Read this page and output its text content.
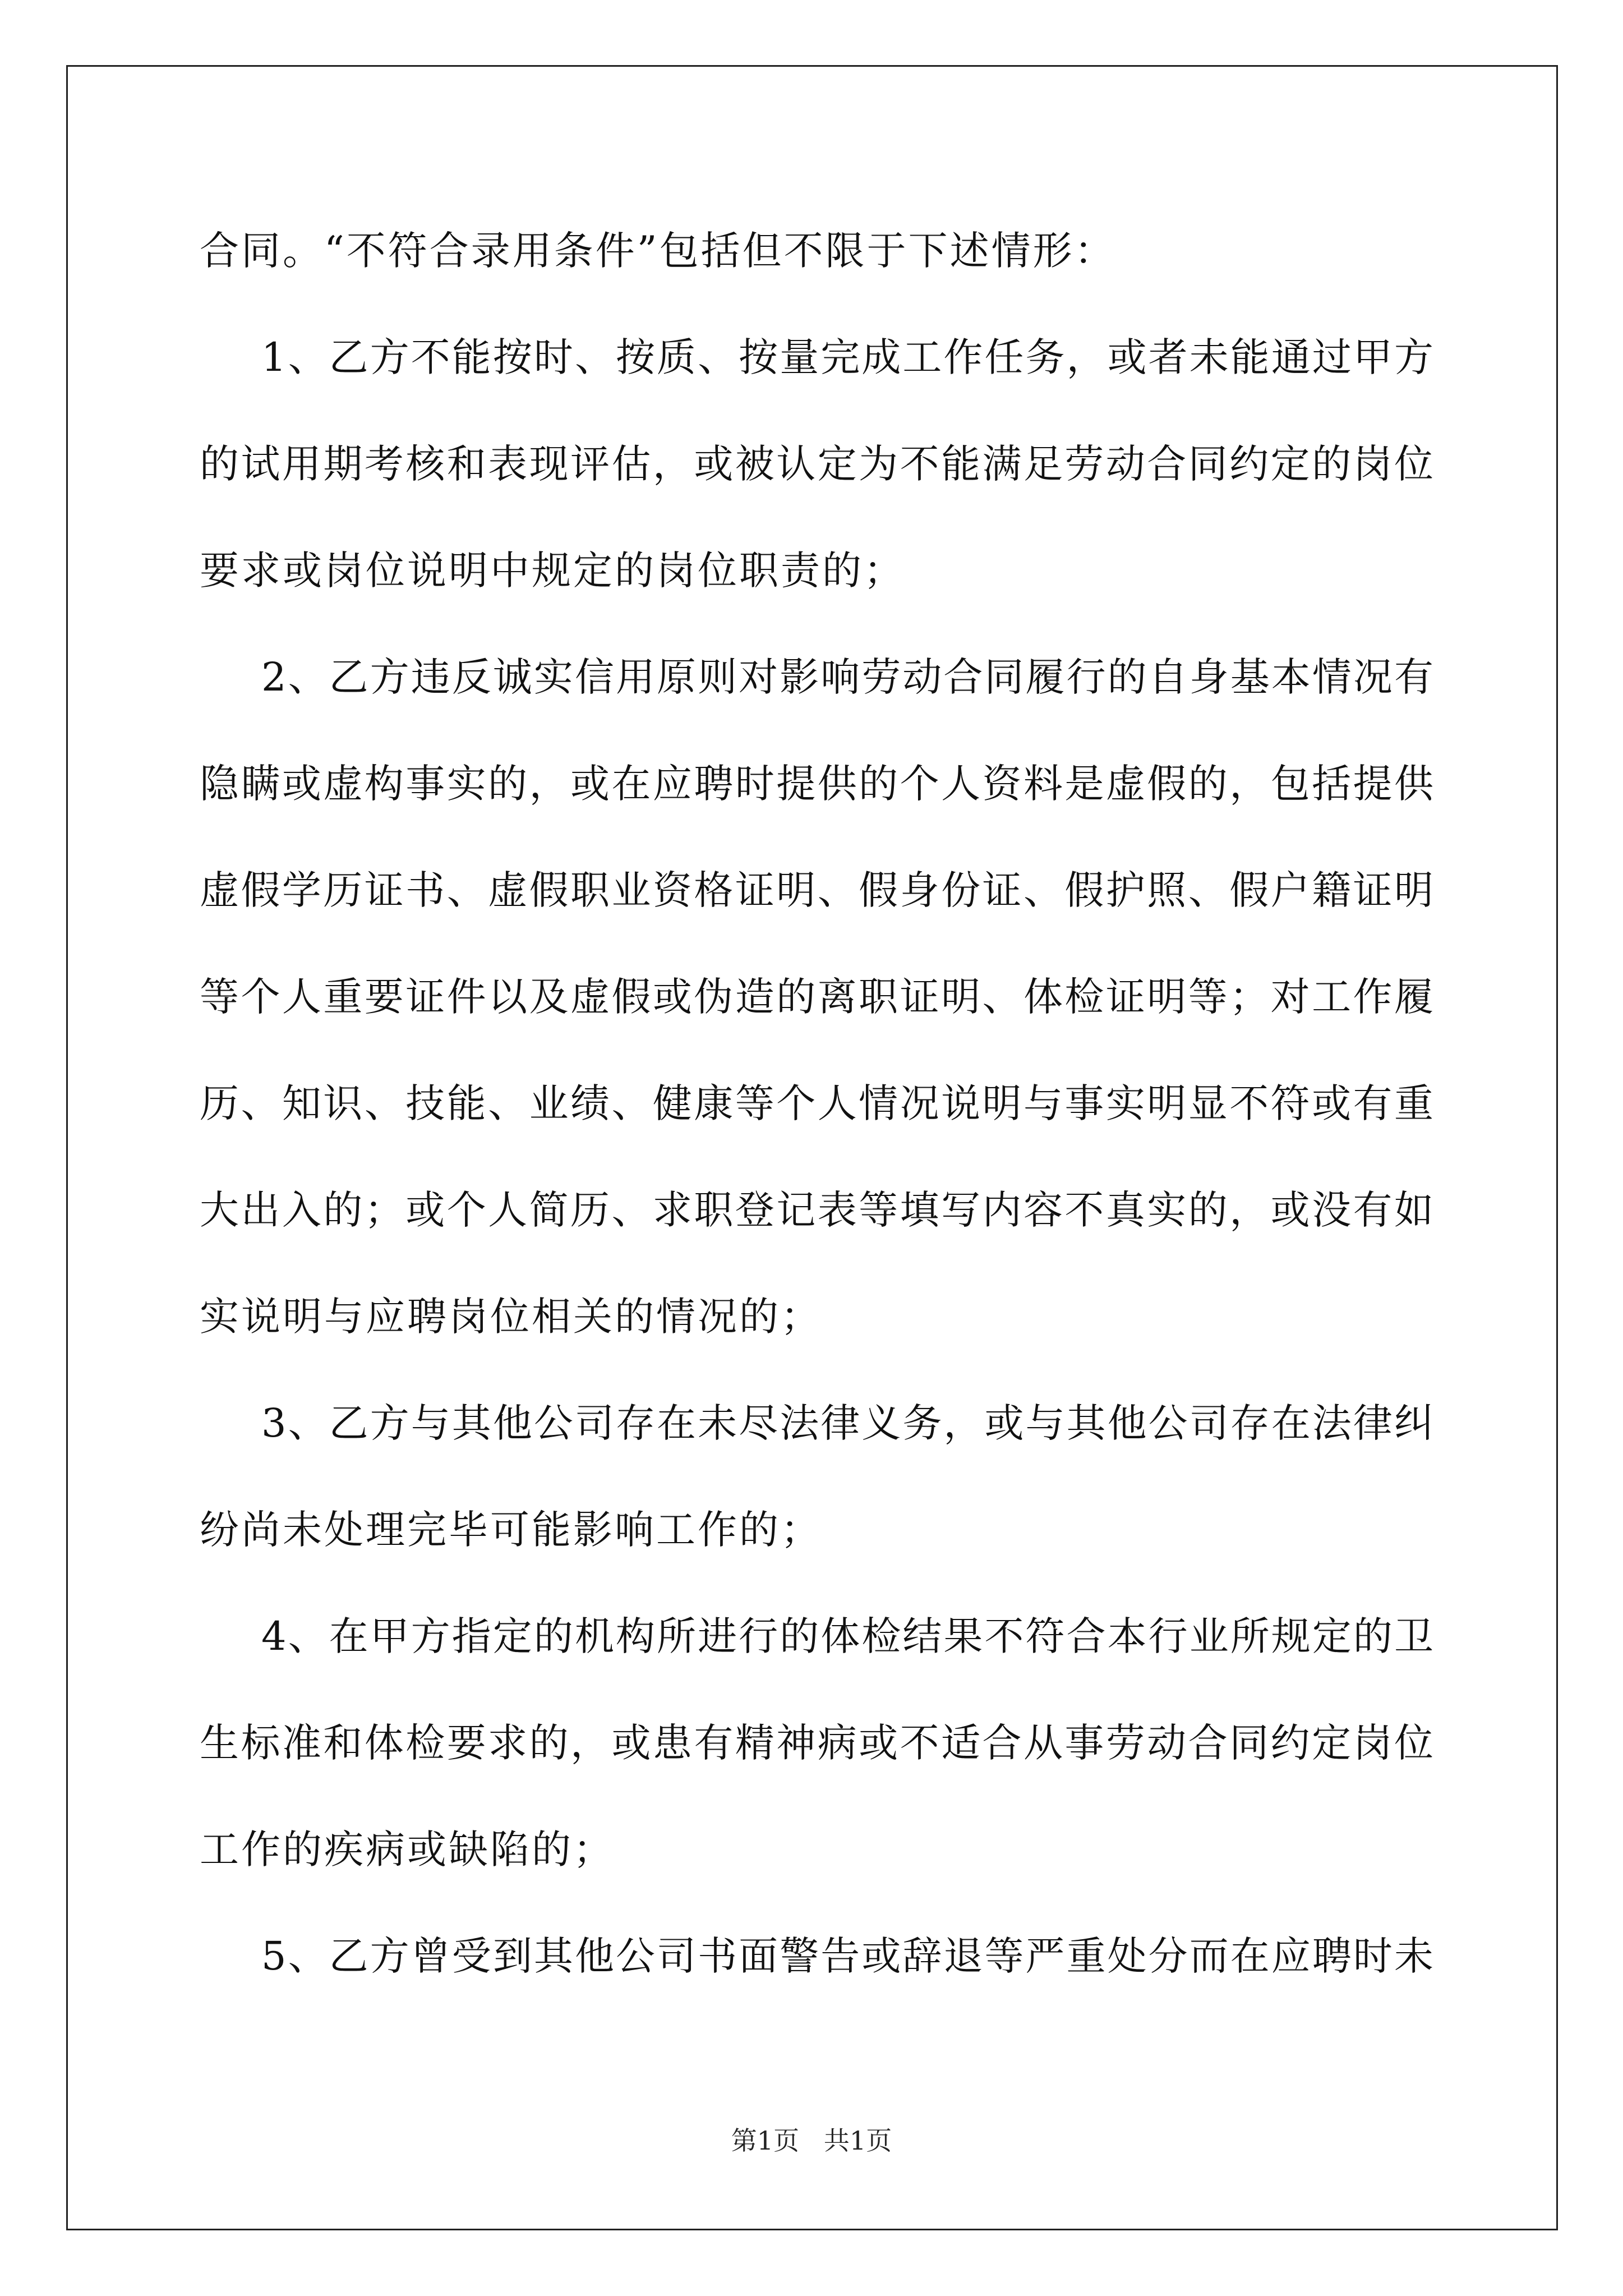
合同。“不符合录用条件”包括但不限于下述情形：
1、乙方不能按时、按质、按量完成工作任务，或者未能通过甲方
的试用期考核和表现评估，或被认定为不能满足劳动合同约定的岗位
要求或岗位说明中规定的岗位职责的；
2、乙方违反诚实信用原则对影响劳动合同履行的自身基本情况有
隐瞒或虚构事实的，或在应聘时提供的个人资料是虚假的，包括提供
虚假学历证书、虚假职业资格证明、假身份证、假护照、假户籍证明
等个人重要证件以及虚假或伪造的离职证明、体检证明等；对工作履
历、知识、技能、业绩、健康等个人情况说明与事实明显不符或有重
大出入的；或个人简历、求职登记表等填写内容不真实的，或没有如
实说明与应聘岗位相关的情况的；
3、乙方与其他公司存在未尽法律义务，或与其他公司存在法律纠
纷尚未处理完毕可能影响工作的；
4、在甲方指定的机构所进行的体检结果不符合本行业所规定的卫
生标准和体检要求的，或患有精神病或不适合从事劳动合同约定岗位
工作的疾病或缺陷的；
5、乙方曾受到其他公司书面警告或辞退等严重处分而在应聘时未
第1页   共1页
